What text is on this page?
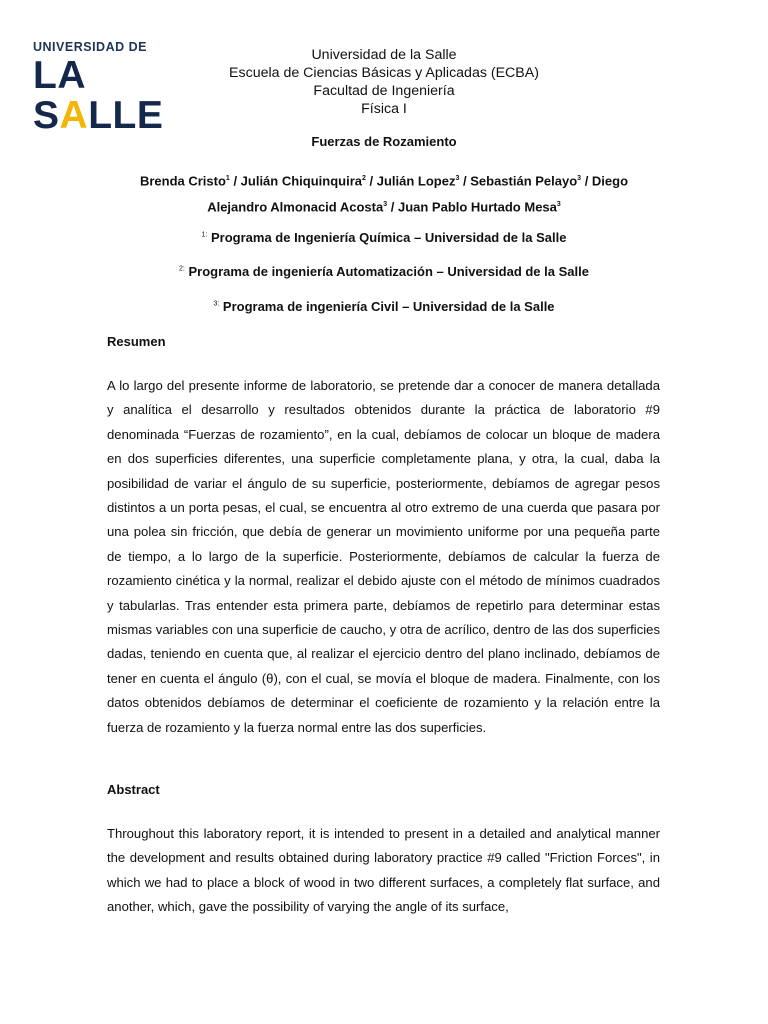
UNIVERSIDAD DE
LA SALLE
Universidad de la Salle
Escuela de Ciencias Básicas y Aplicadas (ECBA)
Facultad de Ingeniería
Física I
Fuerzas de Rozamiento
Brenda Cristo$^1$ / Julián Chiquinquira$^2$ / Julián Lopez$^3$ / Sebastián Pelayo$^3$ / Diego Alejandro Almonacid Acosta$^3$ / Juan Pablo Hurtado Mesa$^3$
$^{1:}$ Programa de Ingeniería Química – Universidad de la Salle
$^{2:}$ Programa de ingeniería Automatización – Universidad de la Salle
$^{3:}$ Programa de ingeniería Civil – Universidad de la Salle
Resumen
A lo largo del presente informe de laboratorio, se pretende dar a conocer de manera detallada y analítica el desarrollo y resultados obtenidos durante la práctica de laboratorio #9 denominada “Fuerzas de rozamiento”, en la cual, debíamos de colocar un bloque de madera en dos superficies diferentes, una superficie completamente plana, y otra, la cual, daba la posibilidad de variar el ángulo de su superficie, posteriormente, debíamos de agregar pesos distintos a un porta pesas, el cual, se encuentra al otro extremo de una cuerda que pasara por una polea sin fricción, que debía de generar un movimiento uniforme por una pequeña parte de tiempo, a lo largo de la superficie. Posteriormente, debíamos de calcular la fuerza de rozamiento cinética y la normal, realizar el debido ajuste con el método de mínimos cuadrados y tabularlas. Tras entender esta primera parte, debíamos de repetirlo para determinar estas mismas variables con una superficie de caucho, y otra de acrílico, dentro de las dos superficies dadas, teniendo en cuenta que, al realizar el ejercicio dentro del plano inclinado, debíamos de tener en cuenta el ángulo (θ), con el cual, se movía el bloque de madera. Finalmente, con los datos obtenidos debíamos de determinar el coeficiente de rozamiento y la relación entre la fuerza de rozamiento y la fuerza normal entre las dos superficies.
Abstract
Throughout this laboratory report, it is intended to present in a detailed and analytical manner the development and results obtained during laboratory practice #9 called "Friction Forces", in which we had to place a block of wood in two different surfaces, a completely flat surface, and another, which, gave the possibility of varying the angle of its surface,
